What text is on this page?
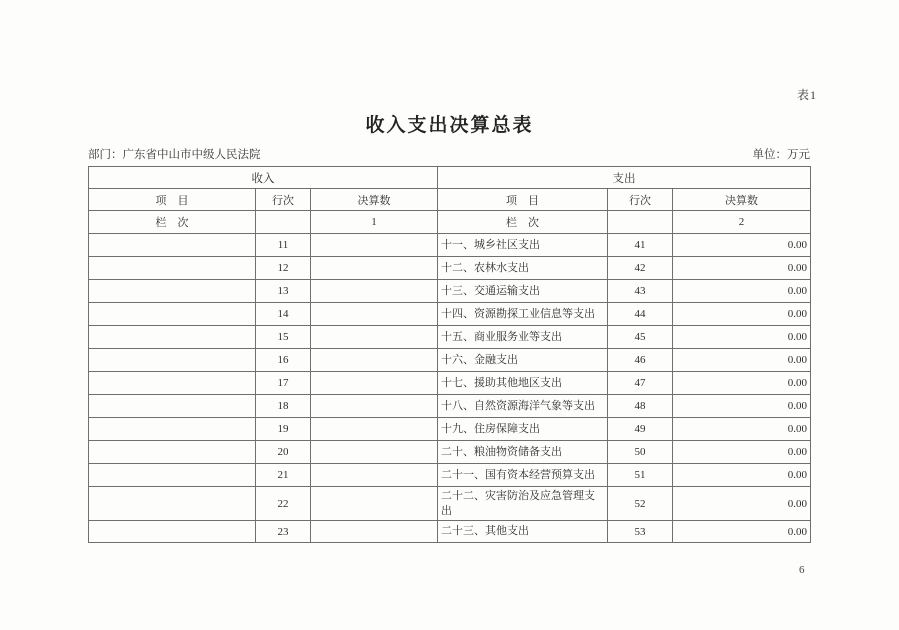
表1
收入支出决算总表
部门：广东省中山市中级人民法院	单位：万元
收入			支出		
项　目	行次	决算数	项　目	行次	决算数
栏　次		1	栏　次		2
	11		十一、城乡社区支出	41	0.00
	12		十二、农林水支出	42	0.00
	13		十三、交通运输支出	43	0.00
	14		十四、资源勘探工业信息等支出	44	0.00
	15		十五、商业服务业等支出	45	0.00
	16		十六、金融支出	46	0.00
	17		十七、援助其他地区支出	47	0.00
	18		十八、自然资源海洋气象等支出	48	0.00
	19		十九、住房保障支出	49	0.00
	20		二十、粮油物资储备支出	50	0.00
	21		二十一、国有资本经营预算支出	51	0.00
	22		二十二、灾害防治及应急管理支出	52	0.00
	23		二十三、其他支出	53	0.00
6
